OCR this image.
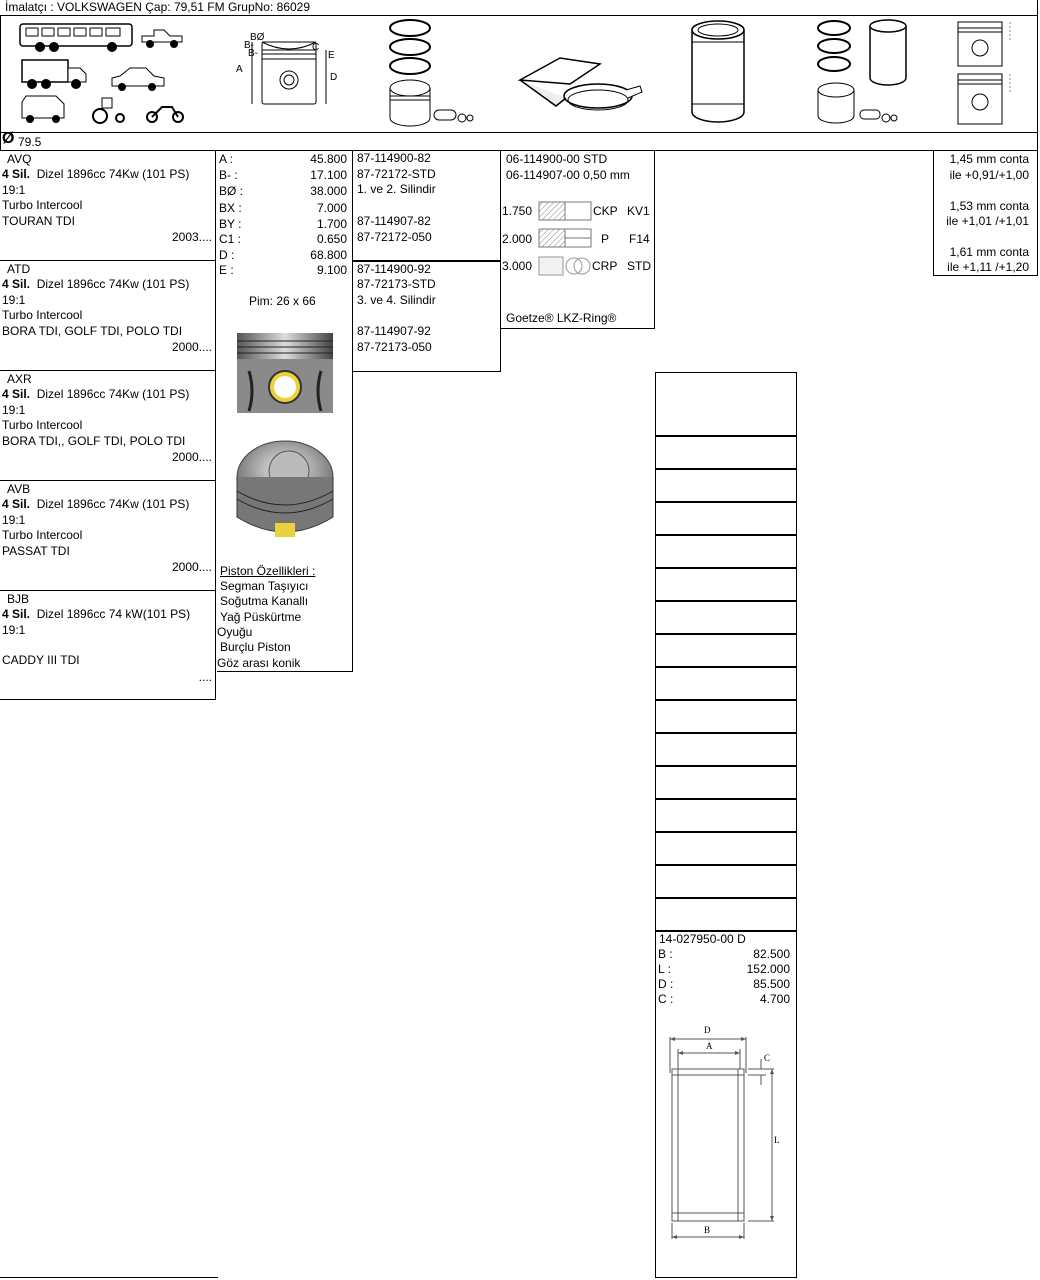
İmalatçı : VOLKSWAGEN Çap: 79,51 FM GrupNo: 86029
BØ
B-
B-
C
E
A
D
Ø 79.5
AVQ
4 Sil. Dizel 1896cc 74Kw (101 PS) 19:1
Turbo Intercool
TOURAN TDI
2003....
ATD
4 Sil. Dizel 1896cc 74Kw (101 PS) 19:1
Turbo Intercool
BORA TDI, GOLF TDI, POLO TDI
2000....
AXR
4 Sil. Dizel 1896cc 74Kw (101 PS) 19:1
Turbo Intercool
BORA TDI,, GOLF TDI, POLO TDI
2000....
AVB
4 Sil. Dizel 1896cc 74Kw (101 PS) 19:1
Turbo Intercool
PASSAT TDI
2000....
BJB
4 Sil. Dizel 1896cc 74 kW(101 PS) 19:1
CADDY III TDI
....
A :	45.800
B- :	17.100
BØ :	38.000
BX :	7.000
BY :	1.700
C1 :	0.650
D :	68.800
E :	9.100
Pim: 26 x 66
Piston Özellikleri :
Segman Taşıyıcı
Soğutma Kanallı
Yağ Püskürtme
Oyuğu
Burçlu Piston
Göz arası konik
87-114900-82
87-72172-STD
1. ve 2. Silindir
87-114907-82
87-72172-050
87-114900-92
87-72173-STD
3. ve 4. Silindir
87-114907-92
87-72173-050
06-114900-00 STD
06-114907-00 0,50 mm
1.750	CKP KV1
2.000	P F14
3.000	CRP STD
Goetze® LKZ-Ring®
1,45 mm conta
ile +0,91/+1,00
1,53 mm conta
ile +1,01 /+1,01
1,61 mm conta
ile +1,11 /+1,20
14-027950-00 D
B :	82.500
L :	152.000
D :	85.500
C :	4.700
D
A
C
L
B
